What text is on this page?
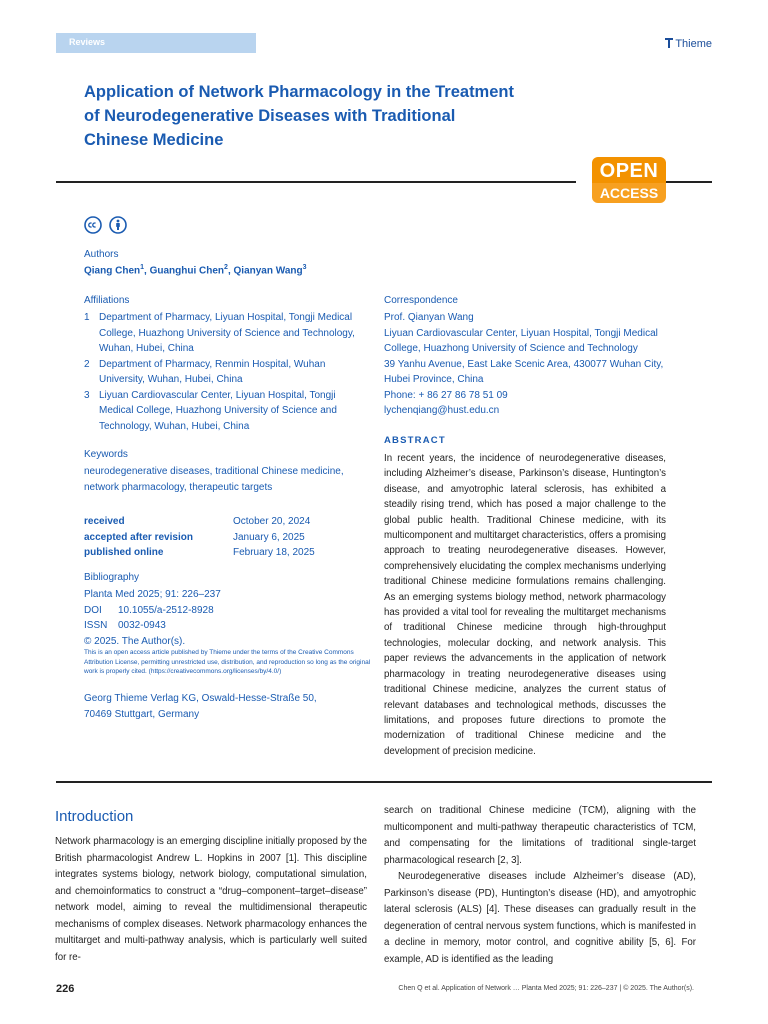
Reviews	Thieme
Application of Network Pharmacology in the Treatment of Neurodegenerative Diseases with Traditional Chinese Medicine
OPEN
ACCESS

Authors
Qiang Chen$^1$, Guanghui Chen$^2$, Qianyan Wang$^3$
Affiliations
1 Department of Pharmacy, Liyuan Hospital, Tongji Medical College, Huazhong University of Science and Technology, Wuhan, Hubei, China
2 Department of Pharmacy, Renmin Hospital, Wuhan University, Wuhan, Hubei, China
3 Liyuan Cardiovascular Center, Liyuan Hospital, Tongji Medical College, Huazhong University of Science and Technology, Wuhan, Hubei, China
Keywords
neurodegenerative diseases, traditional Chinese medicine, network pharmacology, therapeutic targets
received	October 20, 2024
accepted after revision	January 6, 2025
published online	February 18, 2025
Bibliography
Planta Med 2025; 91: 226–237
DOI 10.1055/a-2512-8928
ISSN 0032-0943
© 2025. The Author(s).
This is an open access article published by Thieme under the terms of the Creative Commons Attribution License, permitting unrestricted use, distribution, and reproduction so long as the original work is properly cited. (https://creativecommons.org/licenses/by/4.0/)
Georg Thieme Verlag KG, Oswald-Hesse-Straße 50,
70469 Stuttgart, Germany
Correspondence
Prof. Qianyan Wang
Liyuan Cardiovascular Center, Liyuan Hospital, Tongji Medical College, Huazhong University of Science and Technology
39 Yanhu Avenue, East Lake Scenic Area, 430077 Wuhan City, Hubei Province, China
Phone: + 86 27 86 78 51 09
lychenqiang@hust.edu.cn
ABSTRACT
In recent years, the incidence of neurodegenerative diseases, including Alzheimer’s disease, Parkinson’s disease, Huntington’s disease, and amyotrophic lateral sclerosis, has exhibited a steadily rising trend, which has posed a major challenge to the global public health. Traditional Chinese medicine, with its multicomponent and multitarget characteristics, offers a promising approach to treating neurodegenerative diseases. However, comprehensively elucidating the complex mechanisms underlying traditional Chinese medicine formulations remains challenging. As an emerging systems biology method, network pharmacology has provided a vital tool for revealing the multitarget mechanisms of traditional Chinese medicine through high-throughput technologies, molecular docking, and network analysis. This paper reviews the advancements in the application of network pharmacology in treating neurodegenerative diseases using traditional Chinese medicine, analyzes the current status of relevant databases and technological methods, discusses the limitations, and proposes future directions to promote the modernization of traditional Chinese medicine and the development of precision medicine.
Introduction

Network pharmacology is an emerging discipline initially proposed by the British pharmacologist Andrew L. Hopkins in 2007 [1]. This discipline integrates systems biology, network biology, computational simulation, and chemoinformatics to construct a “drug–component–target–disease” network model, aiming to reveal the multidimensional therapeutic mechanisms of complex diseases. Network pharmacology enhances the multitarget and multi-pathway analysis, which is particularly well suited for re-

search on traditional Chinese medicine (TCM), aligning with the multicomponent and multi-pathway therapeutic characteristics of TCM, and compensating for the limitations of traditional single-target pharmacological research [2, 3].

Neurodegenerative diseases include Alzheimer’s disease (AD), Parkinson’s disease (PD), Huntington’s disease (HD), and amyotrophic lateral sclerosis (ALS) [4]. These diseases can gradually result in the degeneration of central nervous system functions, which is manifested in a decline in memory, motor control, and cognitive ability [5, 6]. For example, AD is identified as the leading

226	Chen Q et al. Application of Network … Planta Med 2025; 91: 226–237 | © 2025. The Author(s).
